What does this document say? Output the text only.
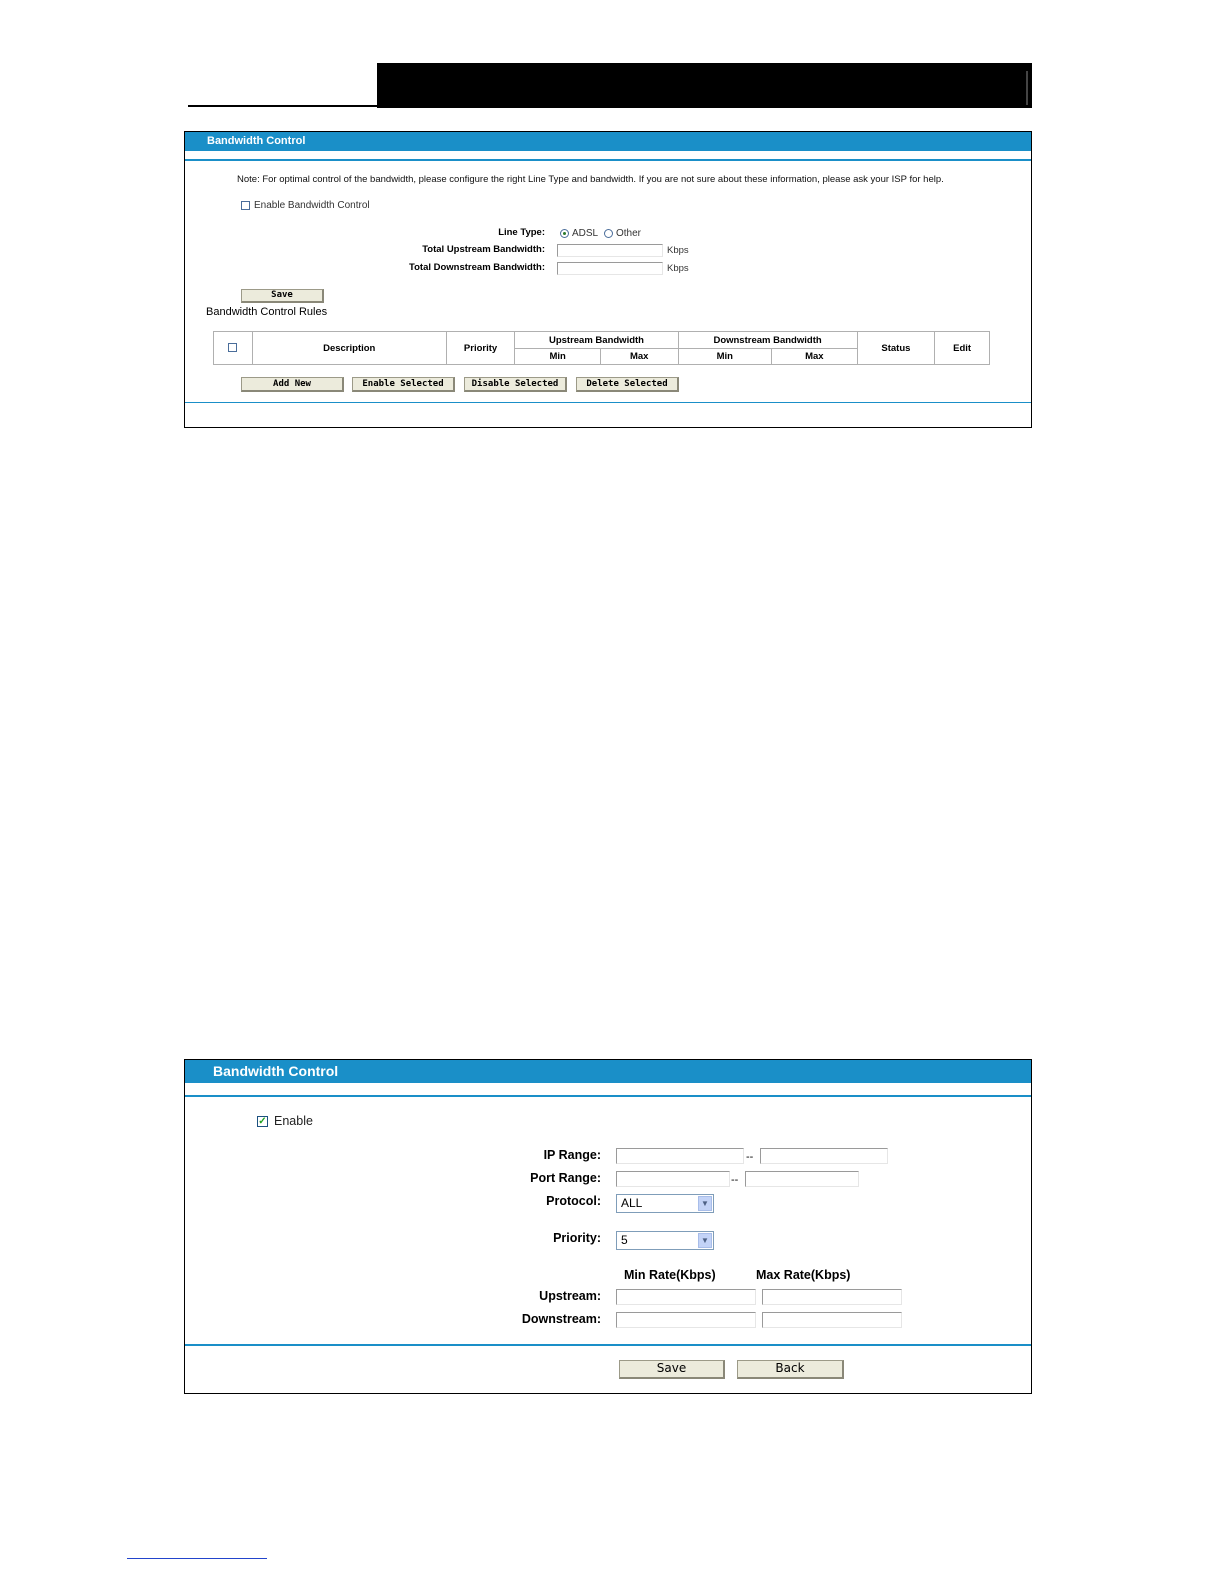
Bandwidth Control
Note: For optimal control of the bandwidth, please configure the right Line Type and bandwidth. If you are not sure about these information, please ask your ISP for help.
Enable Bandwidth Control
Line Type:	ADSL Other
Total Upstream Bandwidth:	Kbps
Total Downstream Bandwidth:	Kbps
Save
Bandwidth Control Rules
	Description	Priority	Upstream Bandwidth		Downstream Bandwidth		Status	Edit
			Min	Max	Min	Max		
Add New	Enable Selected	Disable Selected	Delete Selected
Bandwidth Control
✓ Enable
IP Range:	--
Port Range:	--
Protocol: ALL	▼
Priority: 5	▼
Min Rate(Kbps)	Max Rate(Kbps)
Upstream:
Downstream:
Save	Back
